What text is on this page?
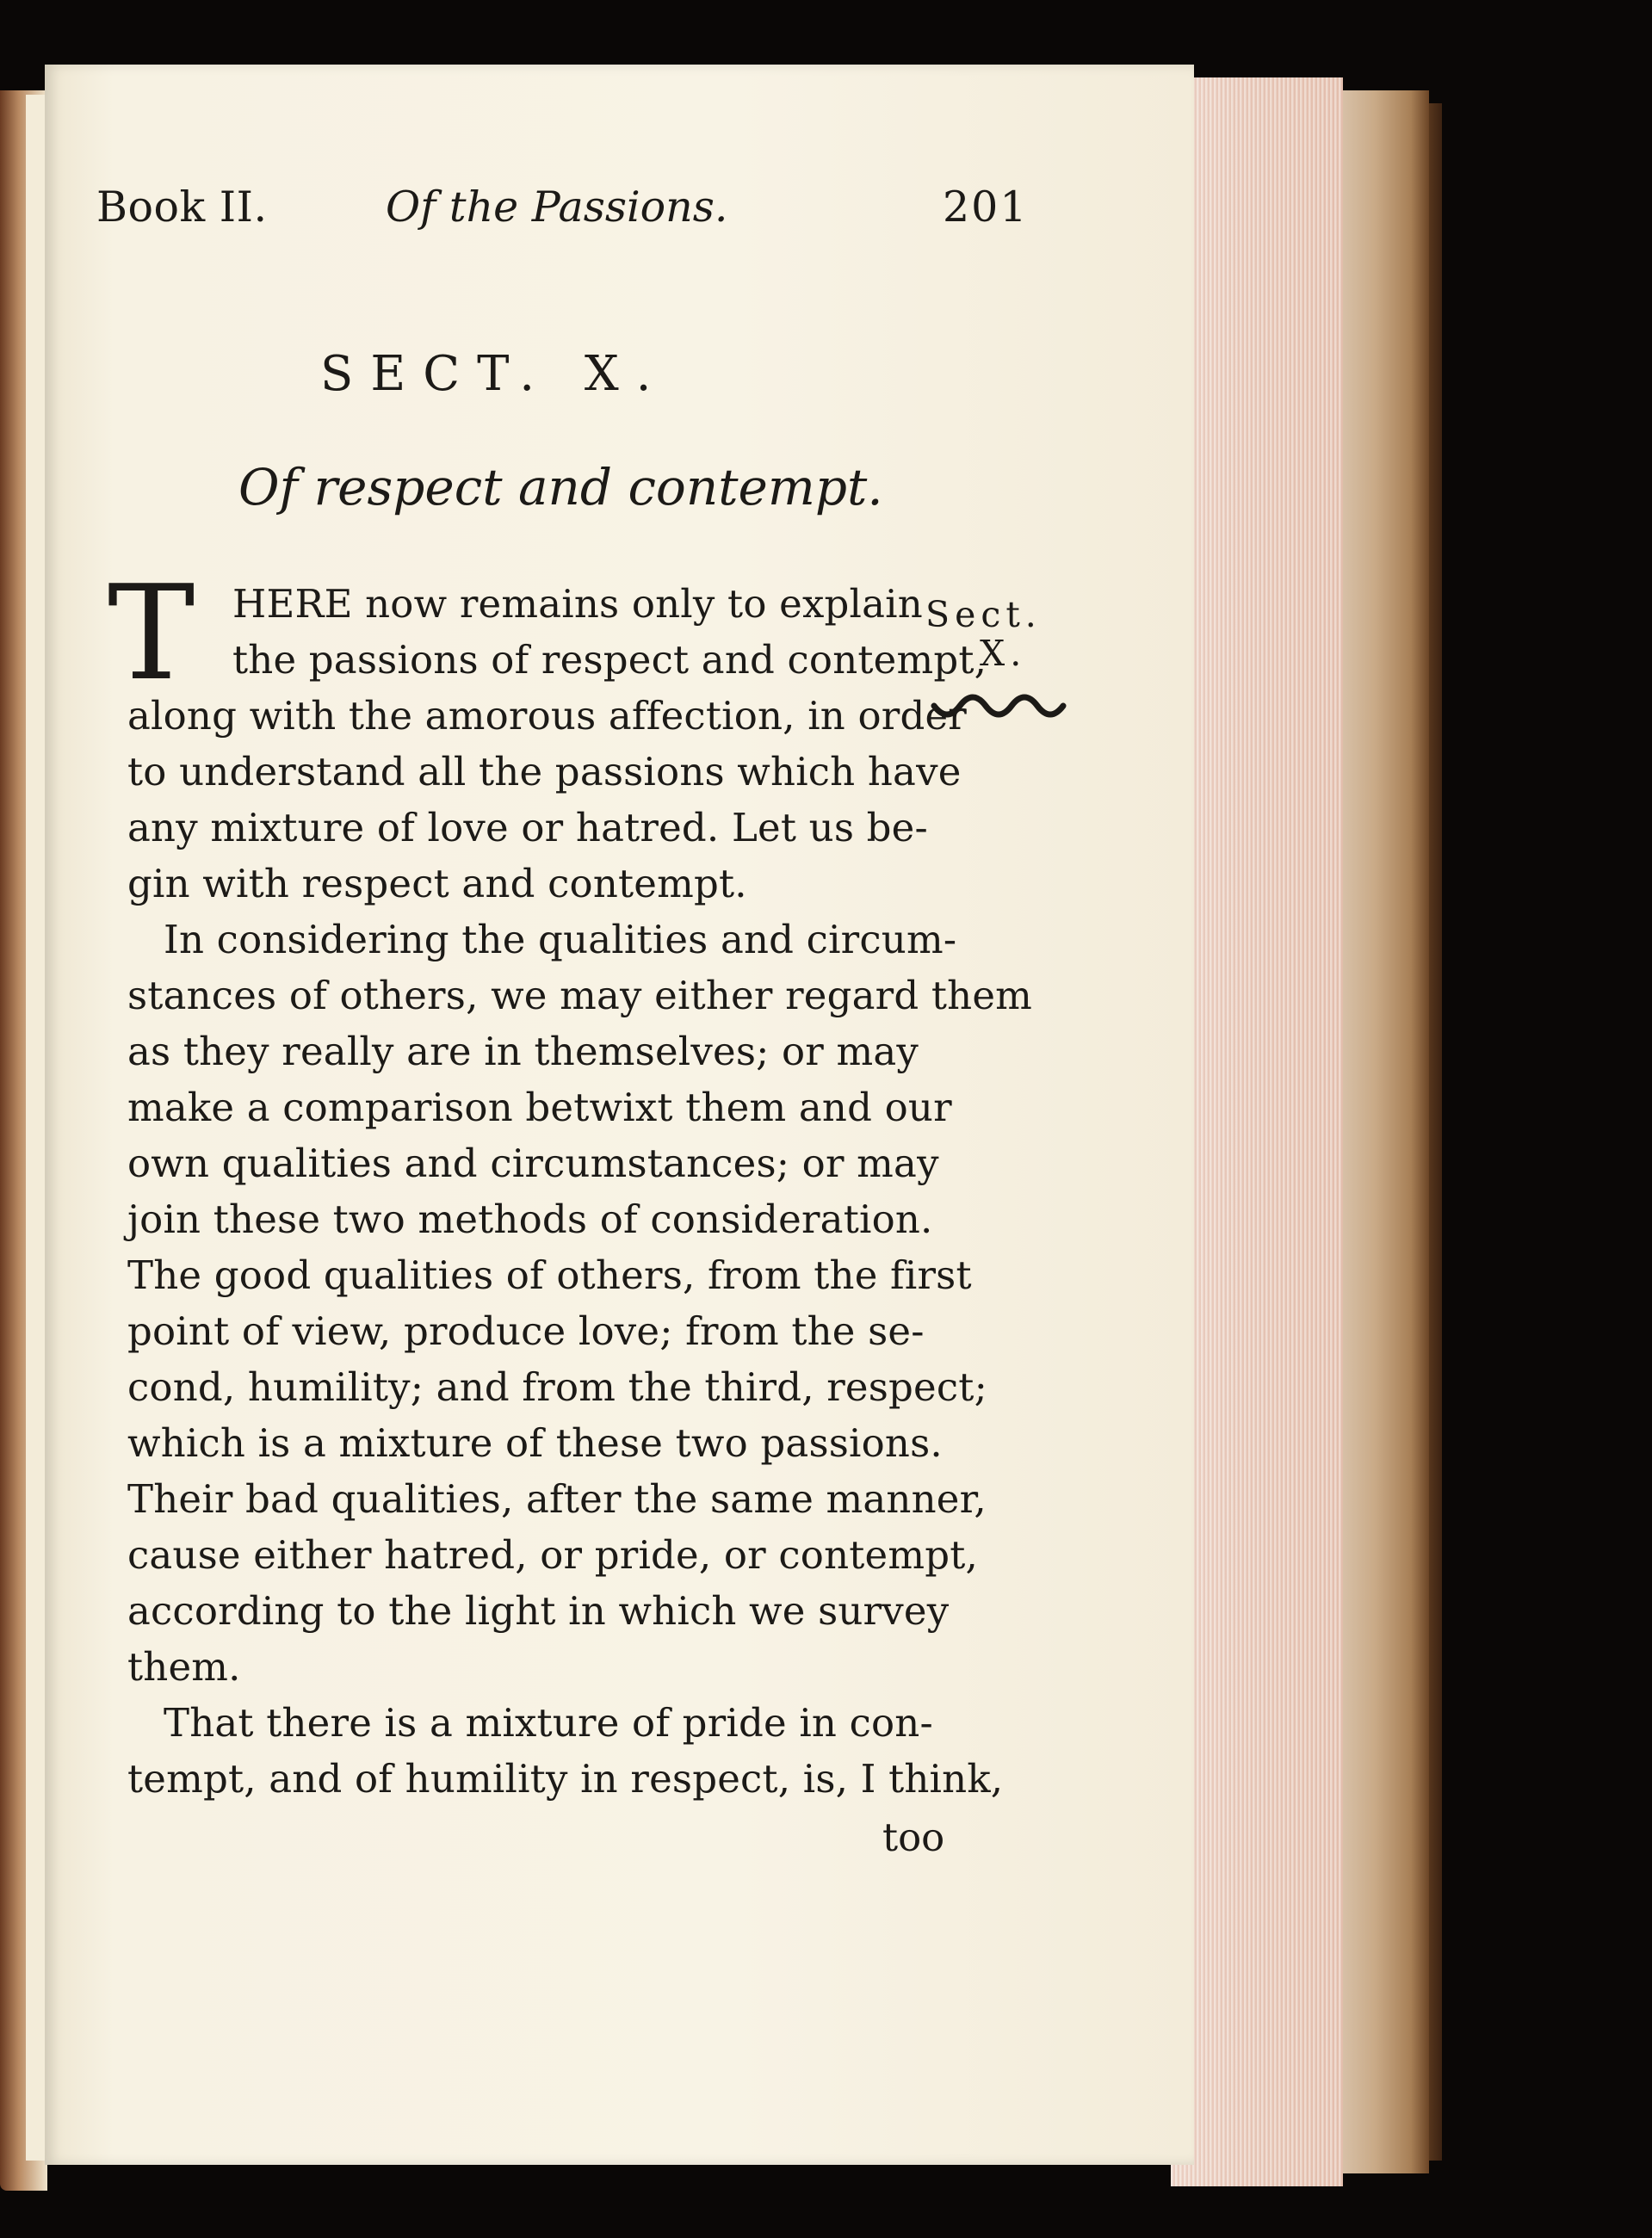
Book II.	Of the Passions.	201
SECT. X.
Of respect and contempt.
T	Sect.
X.
HERE now remains only to explain
the passions of respect and contempt,
along with the amorous affection, in order
to understand all the passions which have
any mixture of love or hatred. Let us be-
gin with respect and contempt.
In considering the qualities and circum-
stances of others, we may either regard them
as they really are in themselves; or may
make a comparison betwixt them and our
own qualities and circumstances; or may
join these two methods of consideration.
The good qualities of others, from the first
point of view, produce love; from the se-
cond, humility; and from the third, respect;
which is a mixture of these two passions.
Their bad qualities, after the same manner,
cause either hatred, or pride, or contempt,
according to the light in which we survey
them.
That there is a mixture of pride in con-
tempt, and of humility in respect, is, I think,
too
